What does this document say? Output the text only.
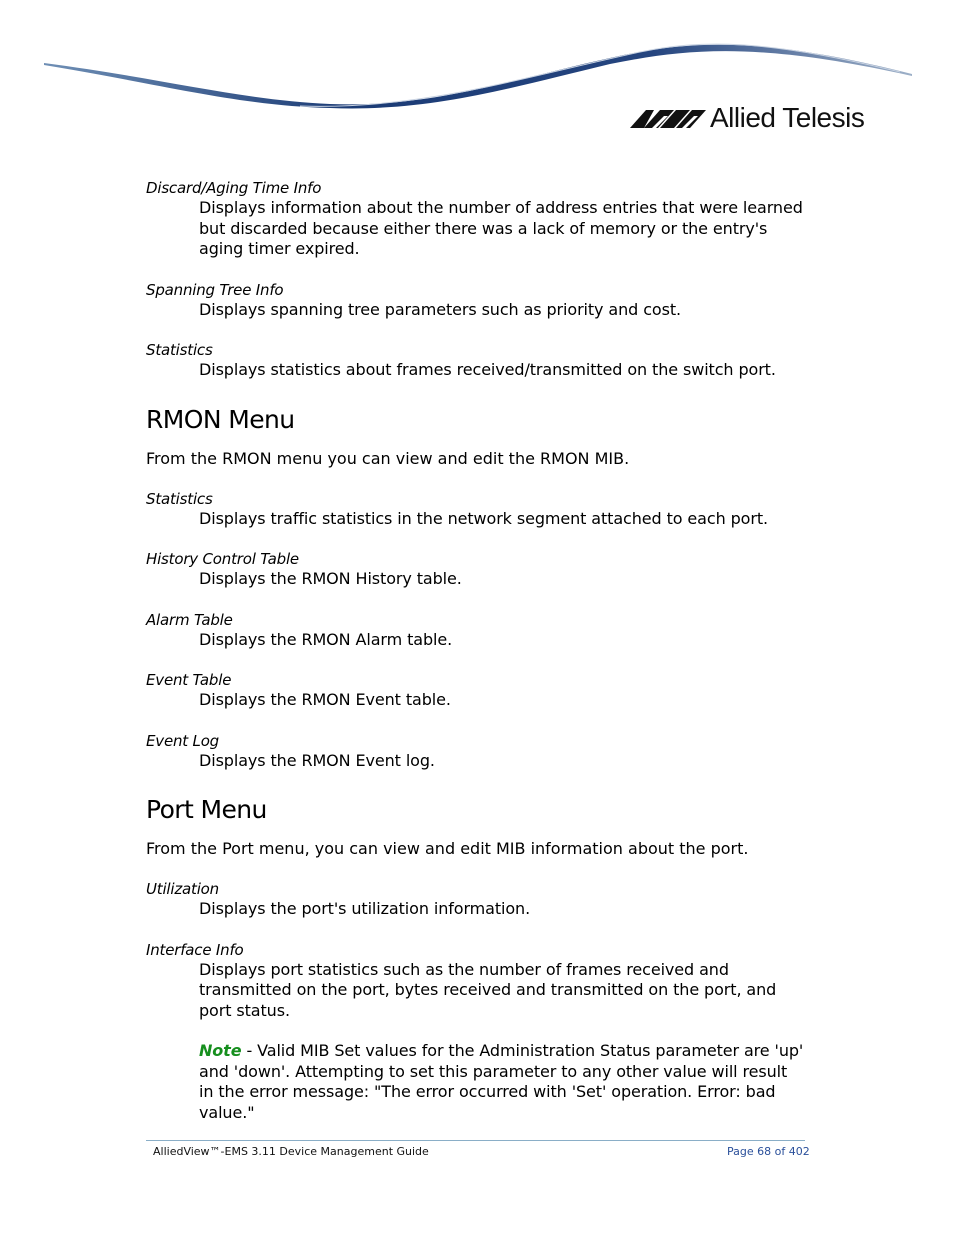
Allied Telesis

Discard/Aging Time Info

Displays information about the number of address entries that were learned but discarded because either there was a lack of memory or the entry's aging timer expired.

Spanning Tree Info

Displays spanning tree parameters such as priority and cost.

Statistics

Displays statistics about frames received/transmitted on the switch port.

RMON Menu

From the RMON menu you can view and edit the RMON MIB.

Statistics

Displays traffic statistics in the network segment attached to each port.

History Control Table

Displays the RMON History table.

Alarm Table

Displays the RMON Alarm table.

Event Table

Displays the RMON Event table.

Event Log

Displays the RMON Event log.

Port Menu

From the Port menu, you can view and edit MIB information about the port.

Utilization

Displays the port's utilization information.

Interface Info

Displays port statistics such as the number of frames received and transmitted on the port, bytes received and transmitted on the port, and port status.

Note - Valid MIB Set values for the Administration Status parameter are 'up' and 'down'. Attempting to set this parameter to any other value will result in the error message: "The error occurred with 'Set' operation. Error: bad value."

AlliedView™-EMS 3.11 Device Management Guide	Page 68 of 402
